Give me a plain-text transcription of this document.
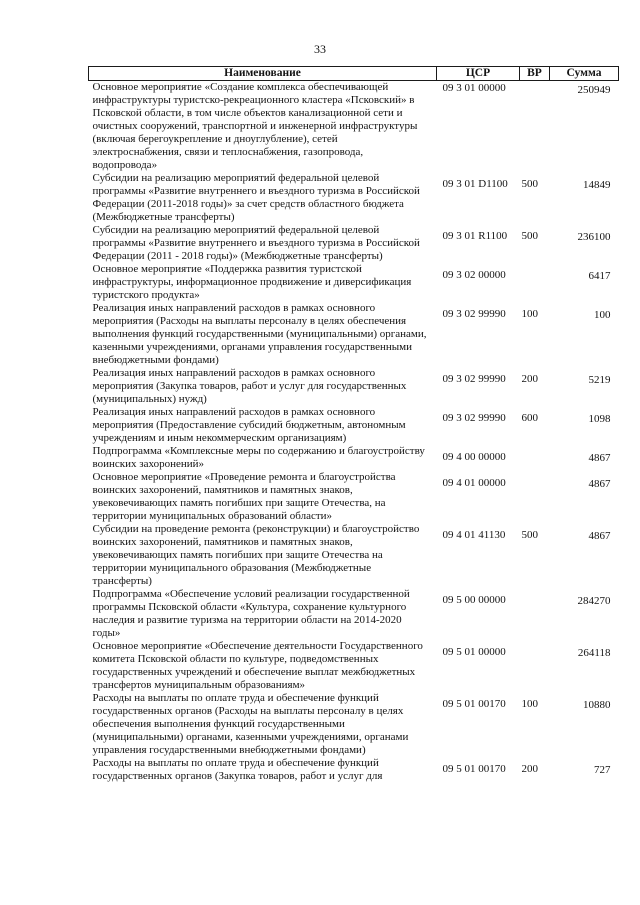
33
Наименование	ЦСР	ВР	Сумма
Основное мероприятие «Создание комплекса обеспечивающей инфраструктуры туристско-рекреационного кластера «Псковский» в Псковской области, в том числе объектов канализационной сети и очистных сооружений, транспортной и инженерной инфраструктуры (включая берегоукрепление и дноуглубление), сетей электроснабжения, связи и теплоснабжения, газопровода, водопровода»	09 3 01 00000		250949
Субсидии на реализацию мероприятий федеральной целевой программы «Развитие внутреннего и въездного туризма в Российской Федерации (2011-2018 годы)» за счет средств областного бюджета (Межбюджетные трансферты)	09 3 01 D1100	500	14849
Субсидии на реализацию мероприятий федеральной целевой программы «Развитие внутреннего и въездного туризма в Российской Федерации (2011 - 2018 годы)» (Межбюджетные трансферты)	09 3 01 R1100	500	236100
Основное мероприятие «Поддержка развития туристской инфраструктуры, информационное продвижение и диверсификация туристского продукта»	09 3 02 00000		6417
Реализация иных направлений расходов в рамках основного мероприятия (Расходы на выплаты персоналу в целях обеспечения выполнения функций государственными (муниципальными) органами, казенными учреждениями, органами управления государственными внебюджетными фондами)	09 3 02 99990	100	100
Реализация иных направлений расходов в рамках основного мероприятия (Закупка товаров, работ и услуг для государственных (муниципальных) нужд)	09 3 02 99990	200	5219
Реализация иных направлений расходов в рамках основного мероприятия (Предоставление субсидий бюджетным, автономным учреждениям и иным некоммерческим организациям)	09 3 02 99990	600	1098
Подпрограмма «Комплексные меры по содержанию и благоустройству воинских захоронений»	09 4 00 00000		4867
Основное мероприятие «Проведение ремонта и благоустройства воинских захоронений, памятников и памятных знаков, увековечивающих память погибших при защите Отечества, на территории муниципальных образований области»	09 4 01 00000		4867
Субсидии на проведение ремонта (реконструкции) и благоустройство воинских захоронений, памятников и памятных знаков, увековечивающих память погибших при защите Отечества на территории муниципального образования (Межбюджетные трансферты)	09 4 01 41130	500	4867
Подпрограмма «Обеспечение условий реализации государственной программы Псковской области «Культура, сохранение культурного наследия и развитие туризма на территории области на 2014-2020 годы»	09 5 00 00000		284270
Основное мероприятие «Обеспечение деятельности Государственного комитета Псковской области по культуре, подведомственных государственных учреждений и обеспечение выплат межбюджетных трансфертов муниципальным образованиям»	09 5 01 00000		264118
Расходы на выплаты по оплате труда и обеспечение функций государственных органов (Расходы на выплаты персоналу в целях обеспечения выполнения функций государственными (муниципальными) органами, казенными учреждениями, органами управления государственными внебюджетными фондами)	09 5 01 00170	100	10880
Расходы на выплаты по оплате труда и обеспечение функций государственных органов (Закупка товаров, работ и услуг для	09 5 01 00170	200	727
